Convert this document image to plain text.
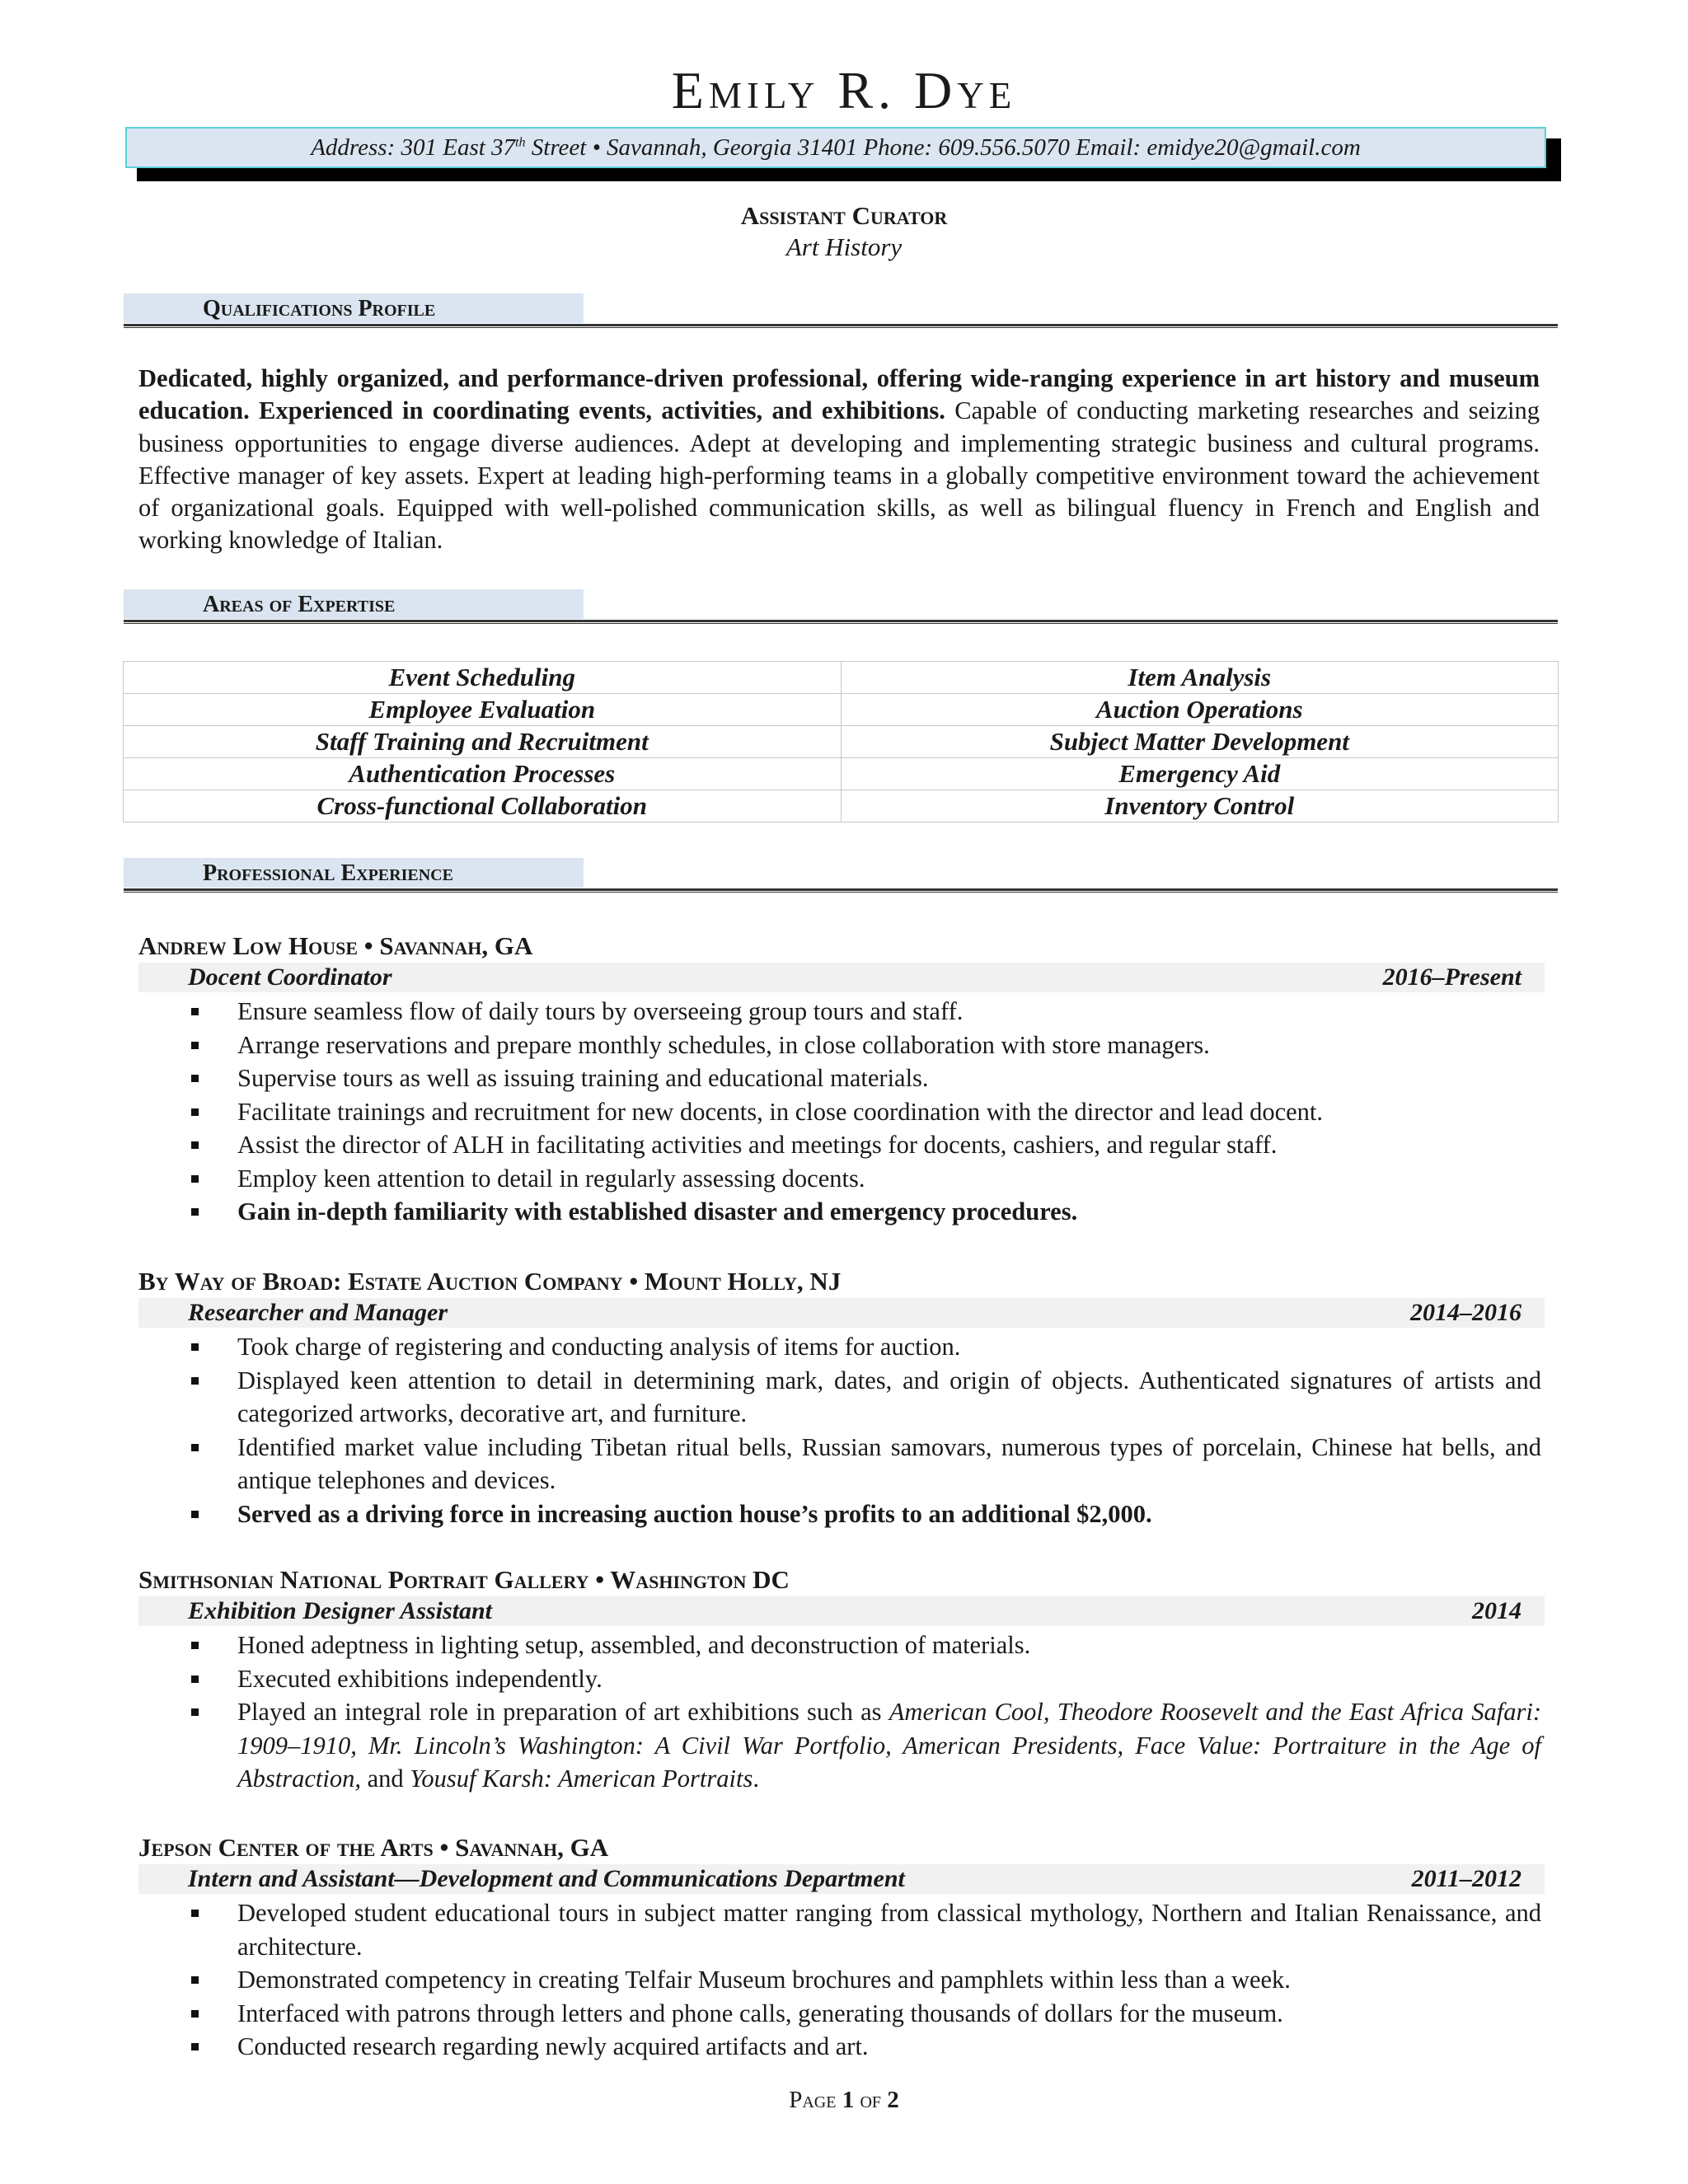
Emily R. Dye
Address: 301 East 37th Street • Savannah, Georgia 31401 Phone: 609.556.5070 Email: emidye20@gmail.com
Assistant Curator
Art History
Qualifications Profile
Dedicated, highly organized, and performance-driven professional, offering wide-ranging experience in art history and museum education. Experienced in coordinating events, activities, and exhibitions. Capable of conducting marketing researches and seizing business opportunities to engage diverse audiences. Adept at developing and implementing strategic business and cultural programs. Effective manager of key assets. Expert at leading high-performing teams in a globally competitive environment toward the achievement of organizational goals. Equipped with well-polished communication skills, as well as bilingual fluency in French and English and working knowledge of Italian.
Areas of Expertise
Event Scheduling	Item Analysis
Employee Evaluation	Auction Operations
Staff Training and Recruitment	Subject Matter Development
Authentication Processes	Emergency Aid
Cross-functional Collaboration	Inventory Control
Professional Experience
Andrew Low House • Savannah, GA
Docent Coordinator	2016–Present
Ensure seamless flow of daily tours by overseeing group tours and staff.
Arrange reservations and prepare monthly schedules, in close collaboration with store managers.
Supervise tours as well as issuing training and educational materials.
Facilitate trainings and recruitment for new docents, in close coordination with the director and lead docent.
Assist the director of ALH in facilitating activities and meetings for docents, cashiers, and regular staff.
Employ keen attention to detail in regularly assessing docents.
Gain in-depth familiarity with established disaster and emergency procedures.
By Way of Broad: Estate Auction Company • Mount Holly, NJ
Researcher and Manager	2014–2016
Took charge of registering and conducting analysis of items for auction.
Displayed keen attention to detail in determining mark, dates, and origin of objects. Authenticated signatures of artists and categorized artworks, decorative art, and furniture.
Identified market value including Tibetan ritual bells, Russian samovars, numerous types of porcelain, Chinese hat bells, and antique telephones and devices.
Served as a driving force in increasing auction house’s profits to an additional $2,000.
Smithsonian National Portrait Gallery • Washington DC
Exhibition Designer Assistant	2014
Honed adeptness in lighting setup, assembled, and deconstruction of materials.
Executed exhibitions independently.
Played an integral role in preparation of art exhibitions such as American Cool, Theodore Roosevelt and the East Africa Safari: 1909–1910, Mr. Lincoln’s Washington: A Civil War Portfolio, American Presidents, Face Value: Portraiture in the Age of Abstraction, and Yousuf Karsh: American Portraits.
Jepson Center of the Arts • Savannah, GA
Intern and Assistant—Development and Communications Department	2011–2012
Developed student educational tours in subject matter ranging from classical mythology, Northern and Italian Renaissance, and architecture.
Demonstrated competency in creating Telfair Museum brochures and pamphlets within less than a week.
Interfaced with patrons through letters and phone calls, generating thousands of dollars for the museum.
Conducted research regarding newly acquired artifacts and art.
Page 1 of 2
